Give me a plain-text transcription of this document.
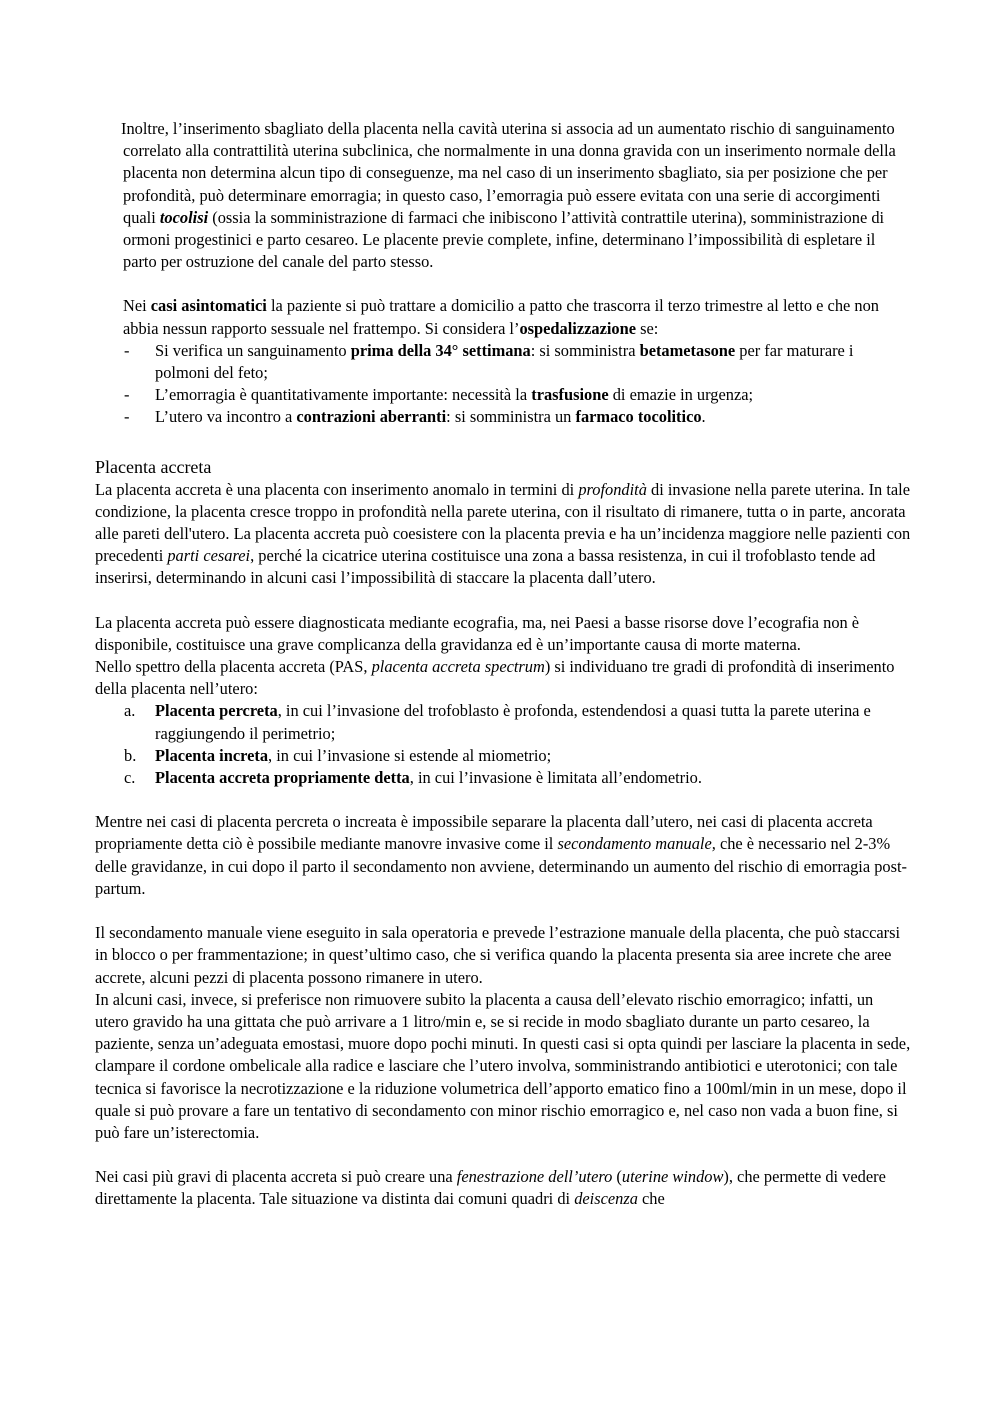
Inoltre, l’inserimento sbagliato della placenta nella cavità uterina si associa ad un aumentato rischio di sanguinamento correlato alla contrattilità uterina subclinica, che normalmente in una donna gravida con un inserimento normale della placenta non determina alcun tipo di conseguenze, ma nel caso di un inserimento sbagliato, sia per posizione che per profondità, può determinare emorragia; in questo caso, l’emorragia può essere evitata con una serie di accorgimenti quali tocolisi (ossia la somministrazione di farmaci che inibiscono l’attività contrattile uterina), somministrazione di ormoni progestinici e parto cesareo. Le placente previe complete, infine, determinano l’impossibilità di espletare il parto per ostruzione del canale del parto stesso.

Nei casi asintomatici la paziente si può trattare a domicilio a patto che trascorra il terzo trimestre al letto e che non abbia nessun rapporto sessuale nel frattempo. Si considera l’ospedalizzazione se:

- Si verifica un sanguinamento prima della 34° settimana: si somministra betametasone per far maturare i polmoni del feto;
- L’emorragia è quantitativamente importante: necessità la trasfusione di emazie in urgenza;
- L’utero va incontro a contrazioni aberranti: si somministra un farmaco tocolitico.
Placenta accreta

La placenta accreta è una placenta con inserimento anomalo in termini di profondità di invasione nella parete uterina. In tale condizione, la placenta cresce troppo in profondità nella parete uterina, con il risultato di rimanere, tutta o in parte, ancorata alle pareti dell'utero. La placenta accreta può coesistere con la placenta previa e ha un’incidenza maggiore nelle pazienti con precedenti parti cesarei, perché la cicatrice uterina costituisce una zona a bassa resistenza, in cui il trofoblasto tende ad inserirsi, determinando in alcuni casi l’impossibilità di staccare la placenta dall’utero.

La placenta accreta può essere diagnosticata mediante ecografia, ma, nei Paesi a basse risorse dove l’ecografia non è disponibile, costituisce una grave complicanza della gravidanza ed è un’importante causa di morte materna.

Nello spettro della placenta accreta (PAS, placenta accreta spectrum) si individuano tre gradi di profondità di inserimento della placenta nell’utero:

a. Placenta percreta, in cui l’invasione del trofoblasto è profonda, estendendosi a quasi tutta la parete uterina e raggiungendo il perimetrio;
b. Placenta increta, in cui l’invasione si estende al miometrio;
c. Placenta accreta propriamente detta, in cui l’invasione è limitata all’endometrio.

Mentre nei casi di placenta percreta o increata è impossibile separare la placenta dall’utero, nei casi di placenta accreta propriamente detta ciò è possibile mediante manovre invasive come il secondamento manuale, che è necessario nel 2-3% delle gravidanze, in cui dopo il parto il secondamento non avviene, determinando un aumento del rischio di emorragia post-partum.

Il secondamento manuale viene eseguito in sala operatoria e prevede l’estrazione manuale della placenta, che può staccarsi in blocco o per frammentazione; in quest’ultimo caso, che si verifica quando la placenta presenta sia aree increte che aree accrete, alcuni pezzi di placenta possono rimanere in utero.

In alcuni casi, invece, si preferisce non rimuovere subito la placenta a causa dell’elevato rischio emorragico; infatti, un utero gravido ha una gittata che può arrivare a 1 litro/min e, se si recide in modo sbagliato durante un parto cesareo, la paziente, senza un’adeguata emostasi, muore dopo pochi minuti. In questi casi si opta quindi per lasciare la placenta in sede, clampare il cordone ombelicale alla radice e lasciare che l’utero involva, somministrando antibiotici e uterotonici; con tale tecnica si favorisce la necrotizzazione e la riduzione volumetrica dell’apporto ematico fino a 100ml/min in un mese, dopo il quale si può provare a fare un tentativo di secondamento con minor rischio emorragico e, nel caso non vada a buon fine, si può fare un’isterectomia.

Nei casi più gravi di placenta accreta si può creare una fenestrazione dell’utero (uterine window), che permette di vedere direttamente la placenta. Tale situazione va distinta dai comuni quadri di deiscenza che
